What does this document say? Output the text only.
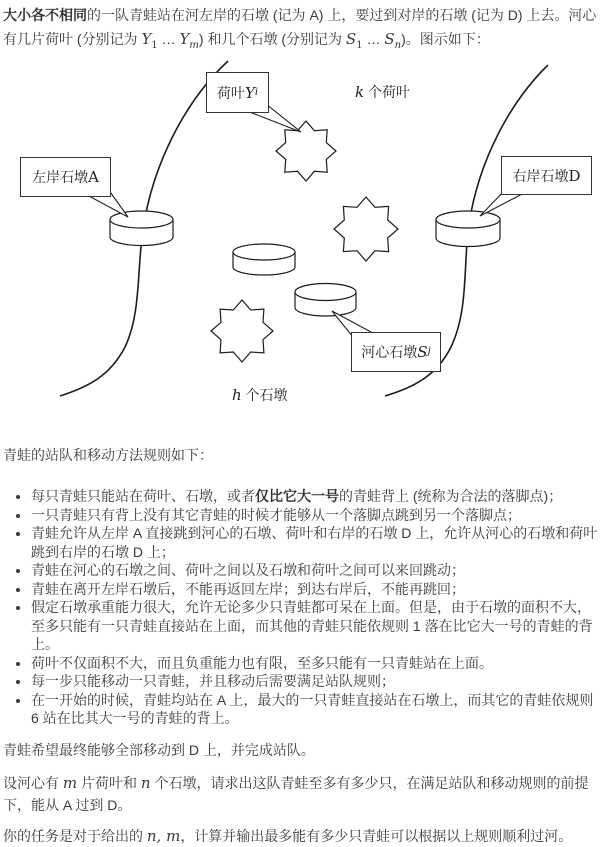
大小各不相同的一队青蛙站在河左岸的石墩 (记为 A) 上，要过到对岸的石墩 (记为 D) 上去。河心有几片荷叶 (分别记为 $Y_1$ … $Y_m$) 和几个石墩 (分别记为 $S_1$ … $S_n$)。图示如下：

荷叶 Y i
左岸石墩 A	右岸石墩 D
河心石墩 S j
k 个荷叶
h 个石墩

青蛙的站队和移动方法规则如下：

• 每只青蛙只能站在荷叶、石墩，或者仅比它大一号的青蛙背上 (统称为合法的落脚点)；
• 一只青蛙只有背上没有其它青蛙的时候才能够从一个落脚点跳到另一个落脚点；
• 青蛙允许从左岸 A 直接跳到河心的石墩、荷叶和右岸的石墩 D 上，允许从河心的石墩和荷叶跳到右岸的石墩 D 上；
• 青蛙在河心的石墩之间、荷叶之间以及石墩和荷叶之间可以来回跳动；
• 青蛙在离开左岸石墩后，不能再返回左岸；到达右岸后，不能再跳回；
• 假定石墩承重能力很大，允许无论多少只青蛙都可呆在上面。但是，由于石墩的面积不大，至多只能有一只青蛙直接站在上面，而其他的青蛙只能依规则 1 落在比它大一号的青蛙的背上。
• 荷叶不仅面积不大，而且负重能力也有限，至多只能有一只青蛙站在上面。
• 每一步只能移动一只青蛙，并且移动后需要满足站队规则；
• 在一开始的时候，青蛙均站在 A 上，最大的一只青蛙直接站在石墩上，而其它的青蛙依规则 6 站在比其大一号的青蛙的背上。

青蛙希望最终能够全部移动到 D 上，并完成站队。

设河心有 m 片荷叶和 n 个石墩，请求出这队青蛙至多有多少只，在满足站队和移动规则的前提下，能从 A 过到 D。

你的任务是对于给出的 n, m，计算并输出最多能有多少只青蛙可以根据以上规则顺利过河。
